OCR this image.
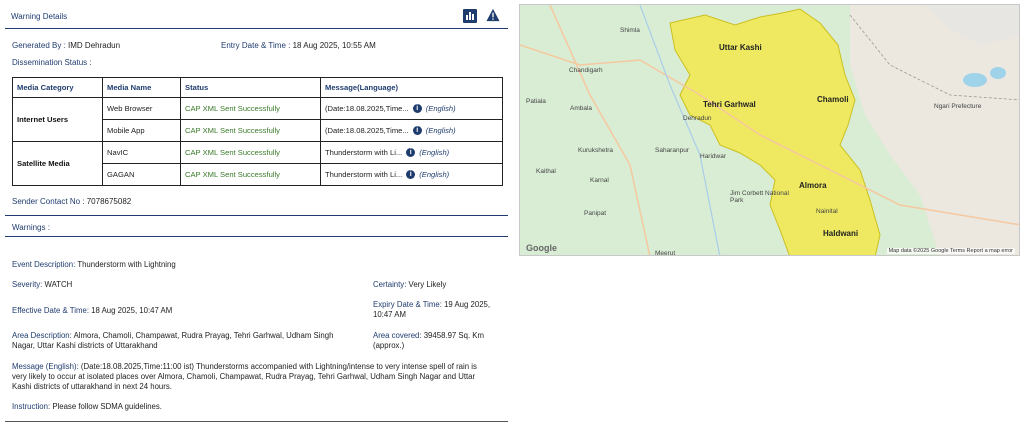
Warning Details
Generated By : IMD Dehradun	Entry Date & Time : 18 Aug 2025, 10:55 AM
Dissemination Status :
Media Category	Media Name	Status	Message(Language)
Internet Users	Web Browser	CAP XML Sent Successfully	(Date:18.08.2025,Time... i (English)
	Mobile App	CAP XML Sent Successfully	(Date:18.08.2025,Time... i (English)
Satellite Media	NavIC	CAP XML Sent Successfully	Thunderstorm with Li... i (English)
	GAGAN	CAP XML Sent Successfully	Thunderstorm with Li... i (English)
Sender Contact No : 7078675082
Warnings :
Event Description: Thunderstorm with Lightning
Severity: WATCH	Certainty: Very Likely
Effective Date & Time: 18 Aug 2025, 10:47 AM
Expiry Date & Time: 19 Aug 2025,
10:47 AM
Area Description: Almora, Chamoli, Champawat, Rudra Prayag, Tehri Garhwal, Udham Singh
Nagar, Uttar Kashi districts of Uttarakhand
Area covered: 39458.97 Sq. Km
(approx.)
Message (English): (Date:18.08.2025,Time:11:00 ist) Thunderstorms accompanied with Lightning/intense to very intense spell of rain is
very likely to occur at isolated places over Almora, Chamoli, Champawat, Rudra Prayag, Tehri Garhwal, Udham Singh Nagar and Uttar
Kashi districts of uttarakhand in next 24 hours.
Instruction: Please follow SDMA guidelines.
Uttar Kashi
Tehri Garhwal
Chamoli
Almora
Haldwani
Shimla
Chandigarh
Patiala
Ambala
Dehradun
Saharanpur
Kurukshetra
Kaithal
Karnal
Panipat
Haridwar
Meerut
Jim Corbett National Park
Nainital
Ngari Prefecture
Google	Map data ©2025 Google Terms Report a map error
